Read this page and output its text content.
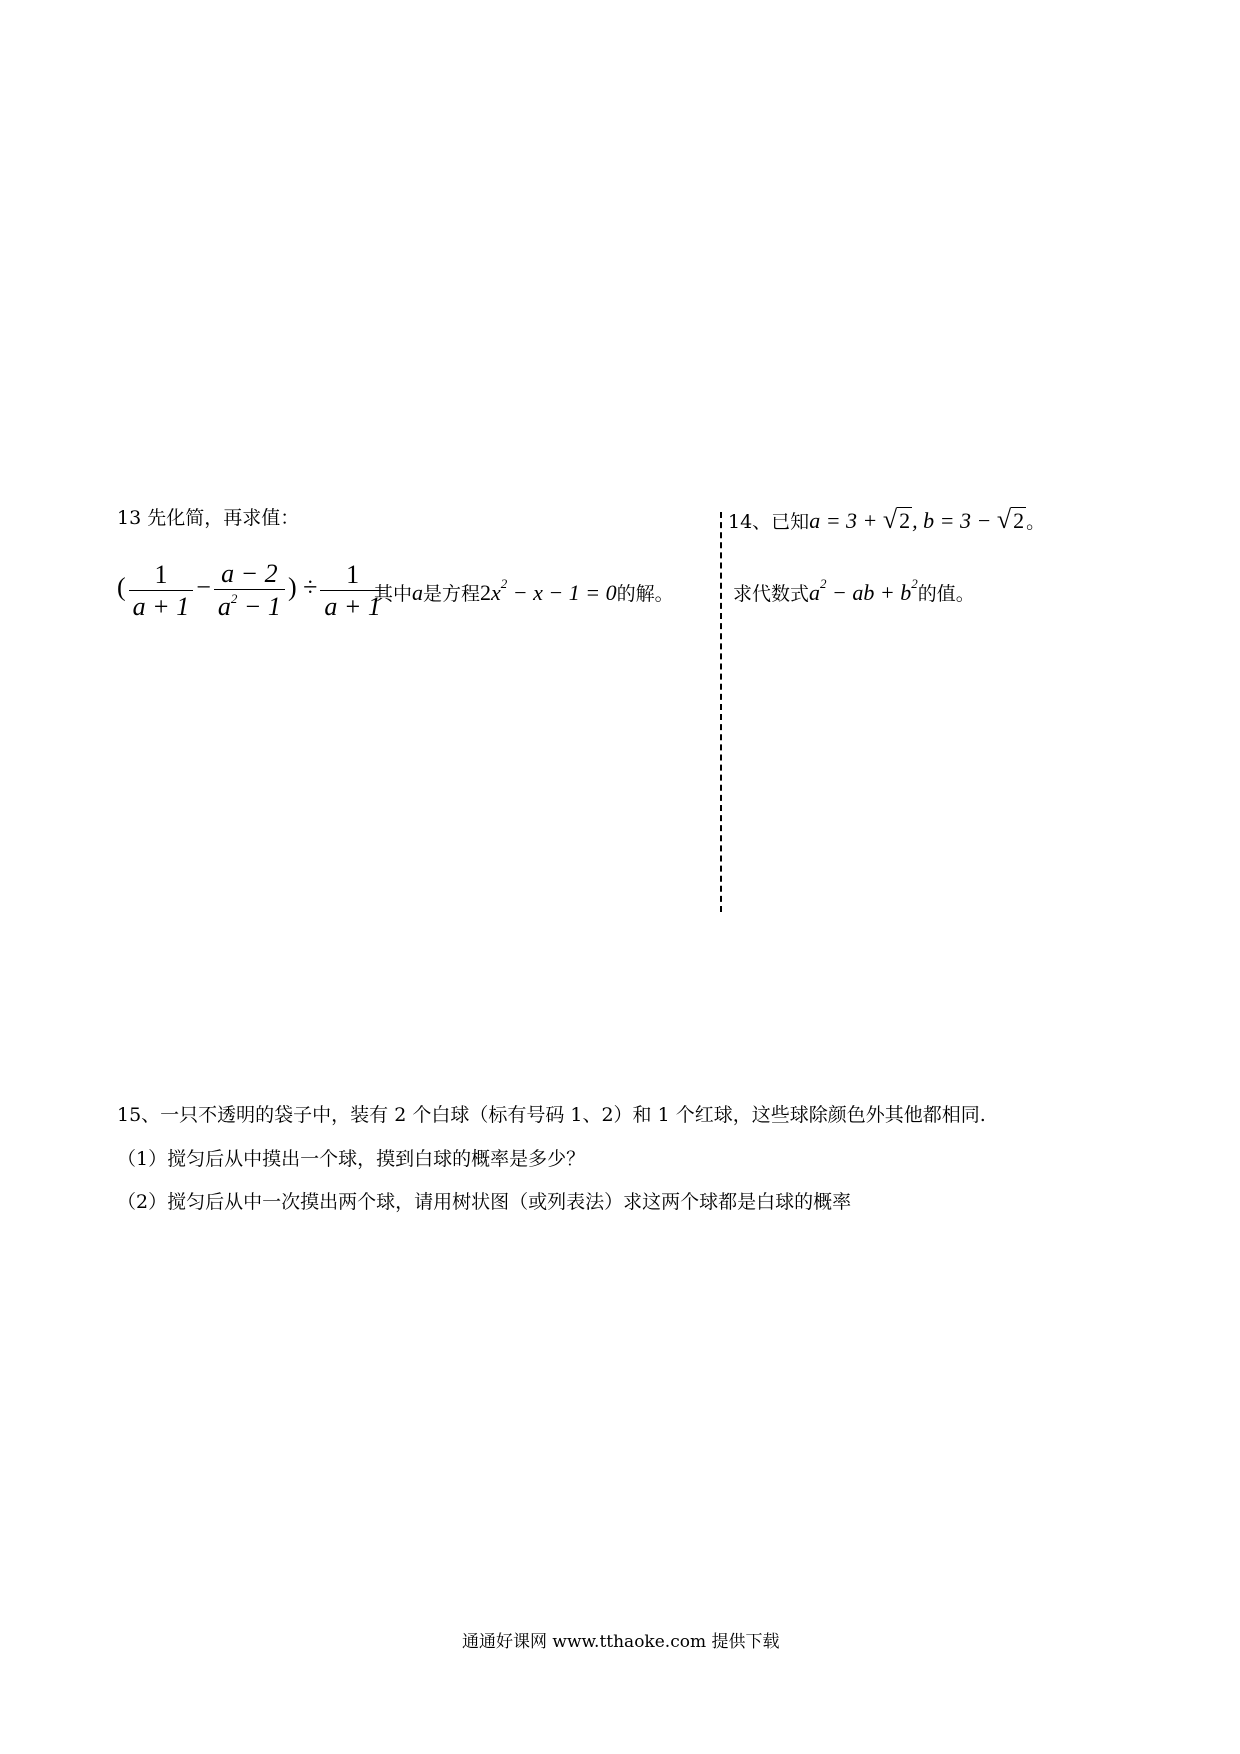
13 先化简，再求值：
( $\frac{1}{a + 1} - \frac{a - 2}{a^2 - 1}$ ) ÷ $\frac{1}{a + 1}$
其中a是方程$2x^2 - x - 1 = 0$的解。
14、已知a = 3 + √2, b = 3 − √2 。
求代数式$a^2$ − ab + $b^2$的值。
15、一只不透明的袋子中，装有 2 个白球（标有号码 1、2）和 1 个红球，这些球除颜色外其他都相同.
（1）搅匀后从中摸出一个球，摸到白球的概率是多少？
（2）搅匀后从中一次摸出两个球，请用树状图（或列表法）求这两个球都是白球的概率
通通好课网 www.tthaoke.com 提供下载
